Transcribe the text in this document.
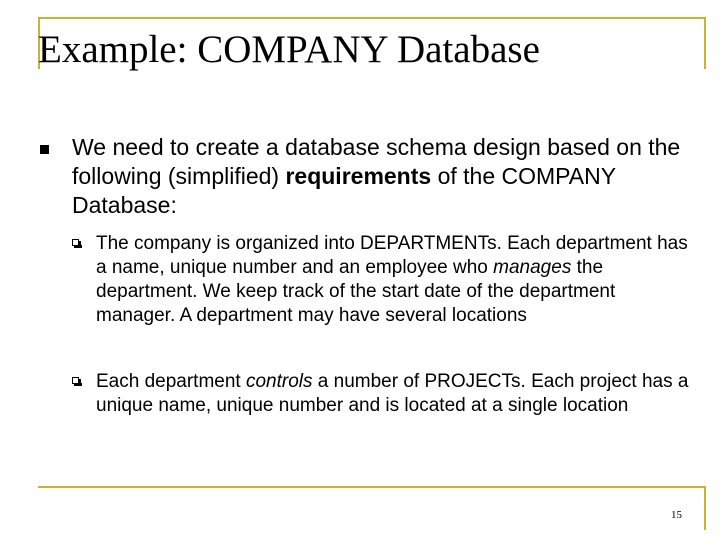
Example: COMPANY Database

We need to create a database schema design based on the following (simplified) requirements of the COMPANY Database:

The company is organized into DEPARTMENTs. Each department has a name, unique number and an employee who manages the department. We keep track of the start date of the department manager. A department may have several locations

Each department controls a number of PROJECTs. Each project has a unique name, unique number and is located at a single location

15
